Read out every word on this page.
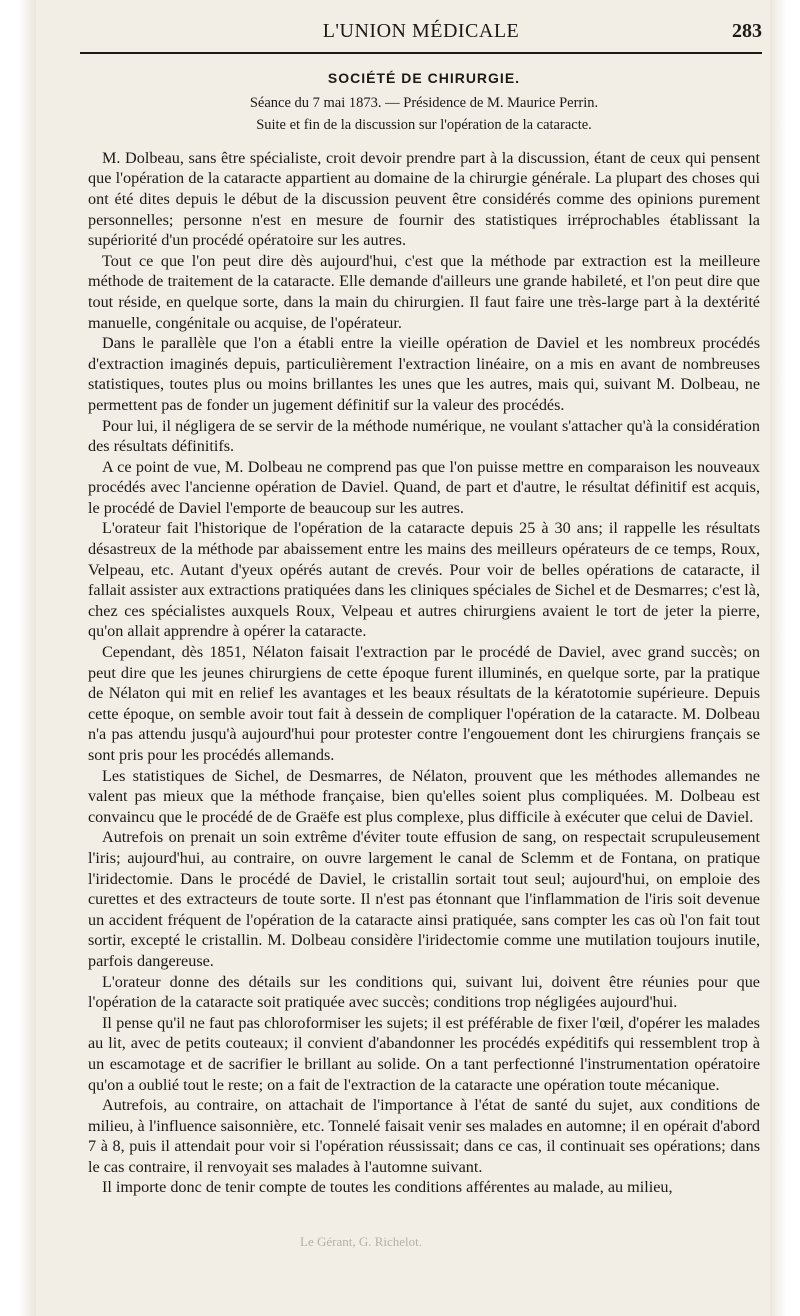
L'UNION MÉDICALE	283

SOCIÉTÉ DE CHIRURGIE.

Séance du 7 mai 1873. — Présidence de M. Maurice Perrin.

Suite et fin de la discussion sur l'opération de la cataracte.

M. Dolbeau, sans être spécialiste, croit devoir prendre part à la discussion, étant de ceux qui pensent que l'opération de la cataracte appartient au domaine de la chirurgie générale. La plupart des choses qui ont été dites depuis le début de la discussion peuvent être considérés comme des opinions purement personnelles; personne n'est en mesure de fournir des statistiques irréprochables établissant la supériorité d'un procédé opératoire sur les autres.

Tout ce que l'on peut dire dès aujourd'hui, c'est que la méthode par extraction est la meilleure méthode de traitement de la cataracte. Elle demande d'ailleurs une grande habileté, et l'on peut dire que tout réside, en quelque sorte, dans la main du chirurgien. Il faut faire une très-large part à la dextérité manuelle, congénitale ou acquise, de l'opérateur.

Dans le parallèle que l'on a établi entre la vieille opération de Daviel et les nombreux procédés d'extraction imaginés depuis, particulièrement l'extraction linéaire, on a mis en avant de nombreuses statistiques, toutes plus ou moins brillantes les unes que les autres, mais qui, suivant M. Dolbeau, ne permettent pas de fonder un jugement définitif sur la valeur des procédés.

Pour lui, il négligera de se servir de la méthode numérique, ne voulant s'attacher qu'à la considération des résultats définitifs.

A ce point de vue, M. Dolbeau ne comprend pas que l'on puisse mettre en comparaison les nouveaux procédés avec l'ancienne opération de Daviel. Quand, de part et d'autre, le résultat définitif est acquis, le procédé de Daviel l'emporte de beaucoup sur les autres.

L'orateur fait l'historique de l'opération de la cataracte depuis 25 à 30 ans; il rappelle les résultats désastreux de la méthode par abaissement entre les mains des meilleurs opérateurs de ce temps, Roux, Velpeau, etc. Autant d'yeux opérés autant de crevés. Pour voir de belles opérations de cataracte, il fallait assister aux extractions pratiquées dans les cliniques spéciales de Sichel et de Desmarres; c'est là, chez ces spécialistes auxquels Roux, Velpeau et autres chirurgiens avaient le tort de jeter la pierre, qu'on allait apprendre à opérer la cataracte.

Cependant, dès 1851, Nélaton faisait l'extraction par le procédé de Daviel, avec grand succès; on peut dire que les jeunes chirurgiens de cette époque furent illuminés, en quelque sorte, par la pratique de Nélaton qui mit en relief les avantages et les beaux résultats de la kératotomie supérieure. Depuis cette époque, on semble avoir tout fait à dessein de compliquer l'opération de la cataracte. M. Dolbeau n'a pas attendu jusqu'à aujourd'hui pour protester contre l'engouement dont les chirurgiens français se sont pris pour les procédés allemands.

Les statistiques de Sichel, de Desmarres, de Nélaton, prouvent que les méthodes allemandes ne valent pas mieux que la méthode française, bien qu'elles soient plus compliquées. M. Dolbeau est convaincu que le procédé de de Graëfe est plus complexe, plus difficile à exécuter que celui de Daviel.

Autrefois on prenait un soin extrême d'éviter toute effusion de sang, on respectait scrupuleusement l'iris; aujourd'hui, au contraire, on ouvre largement le canal de Sclemm et de Fontana, on pratique l'iridectomie. Dans le procédé de Daviel, le cristallin sortait tout seul; aujourd'hui, on emploie des curettes et des extracteurs de toute sorte. Il n'est pas étonnant que l'inflammation de l'iris soit devenue un accident fréquent de l'opération de la cataracte ainsi pratiquée, sans compter les cas où l'on fait tout sortir, excepté le cristallin. M. Dolbeau considère l'iridectomie comme une mutilation toujours inutile, parfois dangereuse.

L'orateur donne des détails sur les conditions qui, suivant lui, doivent être réunies pour que l'opération de la cataracte soit pratiquée avec succès; conditions trop négligées aujourd'hui.

Il pense qu'il ne faut pas chloroformiser les sujets; il est préférable de fixer l'œil, d'opérer les malades au lit, avec de petits couteaux; il convient d'abandonner les procédés expéditifs qui ressemblent trop à un escamotage et de sacrifier le brillant au solide. On a tant perfectionné l'instrumentation opératoire qu'on a oublié tout le reste; on a fait de l'extraction de la cataracte une opération toute mécanique.

Autrefois, au contraire, on attachait de l'importance à l'état de santé du sujet, aux conditions de milieu, à l'influence saisonnière, etc. Tonnelé faisait venir ses malades en automne; il en opérait d'abord 7 à 8, puis il attendait pour voir si l'opération réussissait; dans ce cas, il continuait ses opérations; dans le cas contraire, il renvoyait ses malades à l'automne suivant.

Il importe donc de tenir compte de toutes les conditions afférentes au malade, au milieu,

Le Gérant, G. Richelot.
